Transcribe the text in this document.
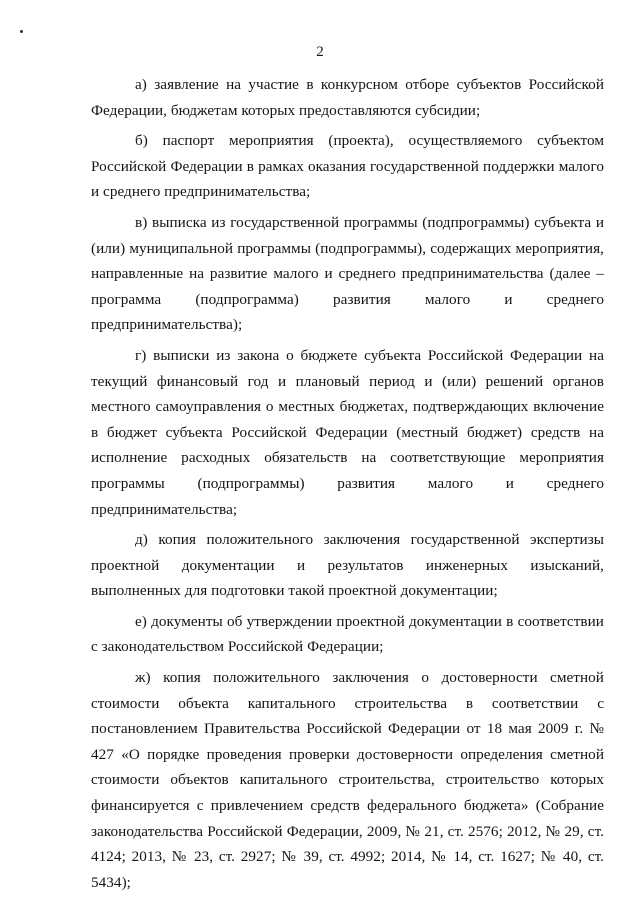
2

а) заявление на участие в конкурсном отборе субъектов Российской Федерации, бюджетам которых предоставляются субсидии;

б) паспорт мероприятия (проекта), осуществляемого субъектом Российской Федерации в рамках оказания государственной поддержки малого и среднего предпринимательства;

в) выписка из государственной программы (подпрограммы) субъекта и (или) муниципальной программы (подпрограммы), содержащих мероприятия, направленные на развитие малого и среднего предпринимательства (далее – программа (подпрограмма) развития малого и среднего предпринимательства);

г) выписки из закона о бюджете субъекта Российской Федерации на текущий финансовый год и плановый период и (или) решений органов местного самоуправления о местных бюджетах, подтверждающих включение в бюджет субъекта Российской Федерации (местный бюджет) средств на исполнение расходных обязательств на соответствующие мероприятия программы (подпрограммы) развития малого и среднего предпринимательства;

д) копия положительного заключения государственной экспертизы проектной документации и результатов инженерных изысканий, выполненных для подготовки такой проектной документации;

е) документы об утверждении проектной документации в соответствии с законодательством Российской Федерации;

ж) копия положительного заключения о достоверности сметной стоимости объекта капитального строительства в соответствии с постановлением Правительства Российской Федерации от 18 мая 2009 г. № 427 «О порядке проведения проверки достоверности определения сметной стоимости объектов капитального строительства, строительство которых финансируется с привлечением средств федерального бюджета» (Собрание законодательства Российской Федерации, 2009, № 21, ст. 2576; 2012, № 29, ст. 4124; 2013, № 23, ст. 2927; № 39, ст. 4992; 2014, № 14, ст. 1627; № 40, ст. 5434);
